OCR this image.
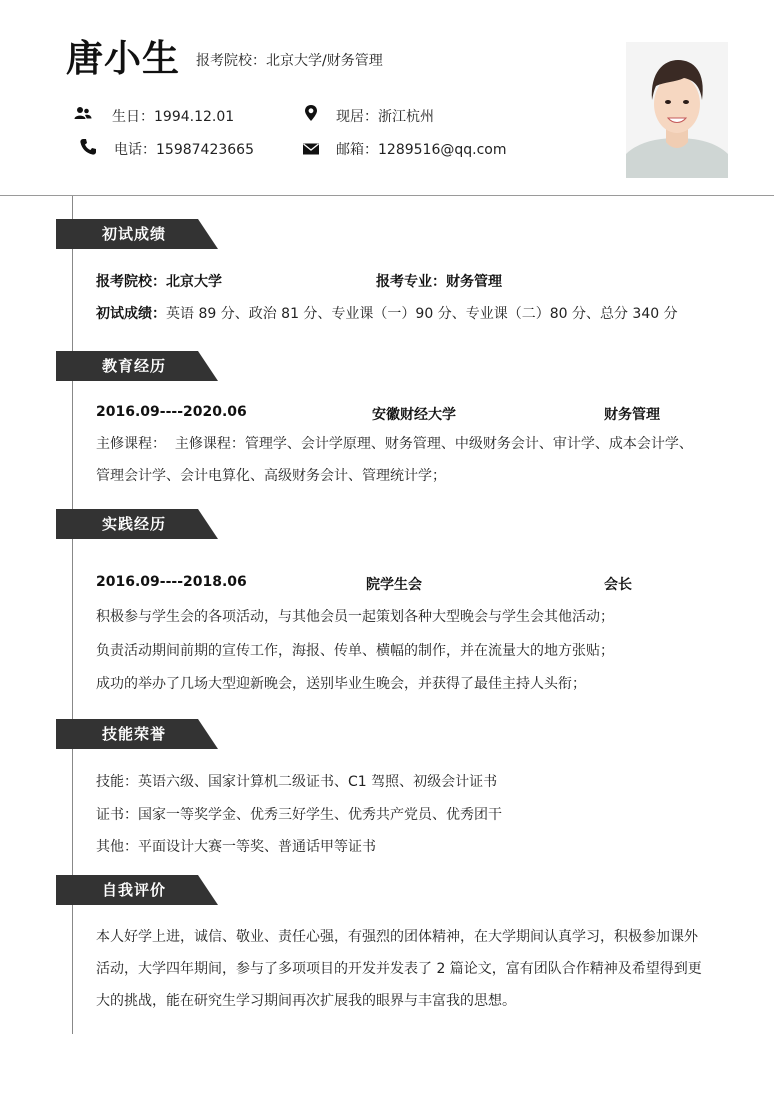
唐小生 报考院校：北京大学/财务管理
生日：1994.12.01	现居：浙江杭州
电话：15987423665	邮箱：1289516@qq.com
初试成绩
报考院校：北京大学	报考专业：财务管理
初试成绩：英语 89 分、政治 81 分、专业课（一）90 分、专业课（二）80 分、总分 340 分
教育经历
2016.09----2020.06	安徽财经大学	财务管理
主修课程： 主修课程：管理学、会计学原理、财务管理、中级财务会计、审计学、成本会计学、管理会计学、会计电算化、高级财务会计、管理统计学；
实践经历
2016.09----2018.06	院学生会	会长
积极参与学生会的各项活动，与其他会员一起策划各种大型晚会与学生会其他活动；
负责活动期间前期的宣传工作，海报、传单、横幅的制作，并在流量大的地方张贴；
成功的举办了几场大型迎新晚会，送别毕业生晚会，并获得了最佳主持人头衔；
技能荣誉
技能：英语六级、国家计算机二级证书、C1 驾照、初级会计证书
证书：国家一等奖学金、优秀三好学生、优秀共产党员、优秀团干
其他：平面设计大赛一等奖、普通话甲等证书
自我评价
本人好学上进，诚信、敬业、责任心强，有强烈的团体精神，在大学期间认真学习，积极参加课外活动，大学四年期间，参与了多项项目的开发并发表了 2 篇论文，富有团队合作精神及希望得到更大的挑战，能在研究生学习期间再次扩展我的眼界与丰富我的思想。
